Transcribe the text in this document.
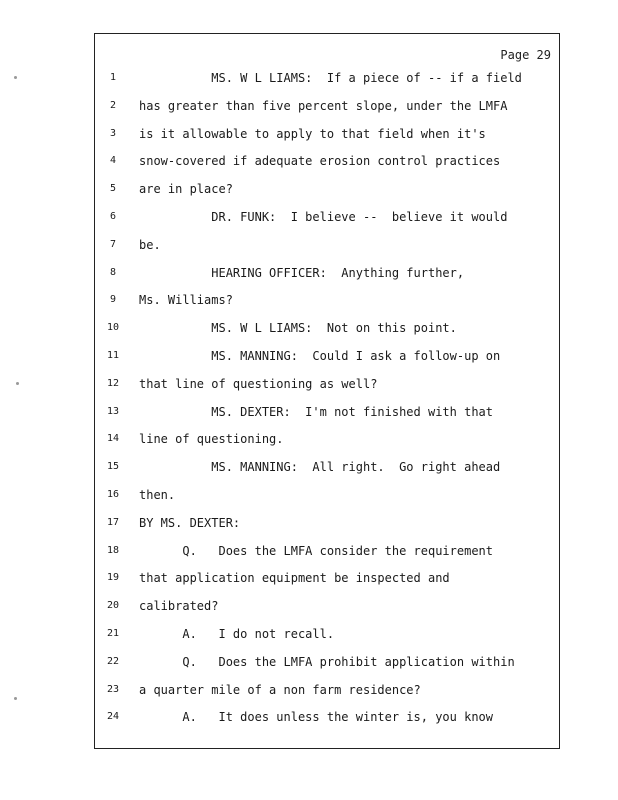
Page 29
1	MS. W L LIAMS:  If a piece of -- if a field
2	has greater than five percent slope, under the LMFA
3	is it allowable to apply to that field when it's
4	snow-covered if adequate erosion control practices
5	are in place?
6	DR. FUNK:  I believe --  believe it would
7	be.
8	HEARING OFFICER:  Anything further,
9	Ms. Williams?
10	MS. W L LIAMS:  Not on this point.
11	MS. MANNING:  Could I ask a follow-up on
12	that line of questioning as well?
13	MS. DEXTER:  I'm not finished with that
14	line of questioning.
15	MS. MANNING:  All right.  Go right ahead
16	then.
17	BY MS. DEXTER:
18	Q.   Does the LMFA consider the requirement
19	that application equipment be inspected and
20	calibrated?
21	A.   I do not recall.
22	Q.   Does the LMFA prohibit application within
23	a quarter mile of a non farm residence?
24	A.   It does unless the winter is, you know
